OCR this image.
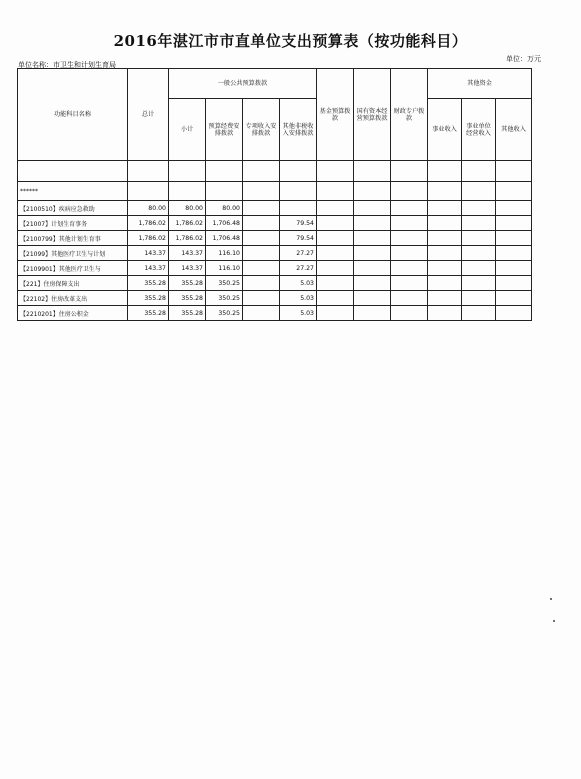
2016年湛江市市直单位支出预算表（按功能科目）
单位名称：市卫生和计划生育局
单位：万元
功能科目名称	总计	一般公共预算拨款				基金预算拨款	国有资本经营预算拨款	财政专户拨款	其他资金		
		小计	预算经费安排拨款	专项收入安排拨款	其他非税收入安排拨款				事业收入	事业单位经营收入	其他收入

******											
【2100510】疾病应急救助	80.00	80.00	80.00								
【21007】计划生育事务	1,786.02	1,786.02	1,706.48		79.54						
【2100799】其他计划生育事	1,786.02	1,786.02	1,706.48		79.54						
【21099】其他医疗卫生与计划	143.37	143.37	116.10		27.27						
【2109901】其他医疗卫生与	143.37	143.37	116.10		27.27						
【221】住房保障支出	355.28	355.28	350.25		5.03						
【22102】住房改革支出	355.28	355.28	350.25		5.03						
【2210201】住房公积金	355.28	355.28	350.25		5.03						
